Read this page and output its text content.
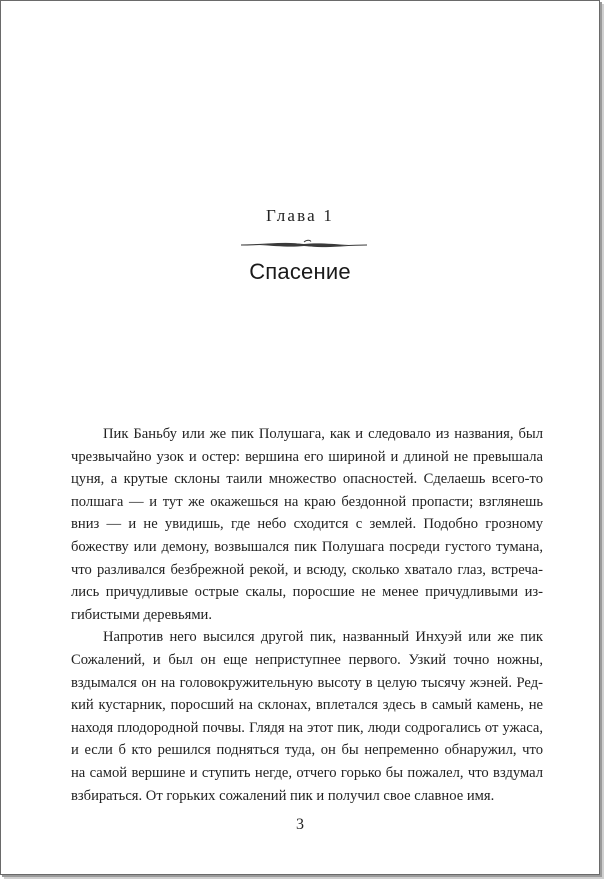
Глава 1
Спасение
Пик Баньбу или же пик Полушага, как и следовало из названия, был
чрезвычайно узок и остер: вершина его шириной и длиной не превышала
цуня, а крутые склоны таили множество опасностей. Сделаешь всего-то
полшага — и тут же окажешься на краю бездонной пропасти; взглянешь
вниз — и не увидишь, где небо сходится с землей. Подобно грозному
божеству или демону, возвышался пик Полушага посреди густого тумана,
что разливался безбрежной рекой, и всюду, сколько хватало глаз, встреча-
лись причудливые острые скалы, поросшие не менее причудливыми из-
гибистыми деревьями.
Напротив него высился другой пик, названный Инхуэй или же пик
Сожалений, и был он еще неприступнее первого. Узкий точно ножны,
вздымался он на головокружительную высоту в целую тысячу жэней. Ред-
кий кустарник, поросший на склонах, вплетался здесь в самый камень, не
находя плодородной почвы. Глядя на этот пик, люди содрогались от ужаса,
и если б кто решился подняться туда, он бы непременно обнаружил, что
на самой вершине и ступить негде, отчего горько бы пожалел, что вздумал
взбираться. От горьких сожалений пик и получил свое славное имя.
3
